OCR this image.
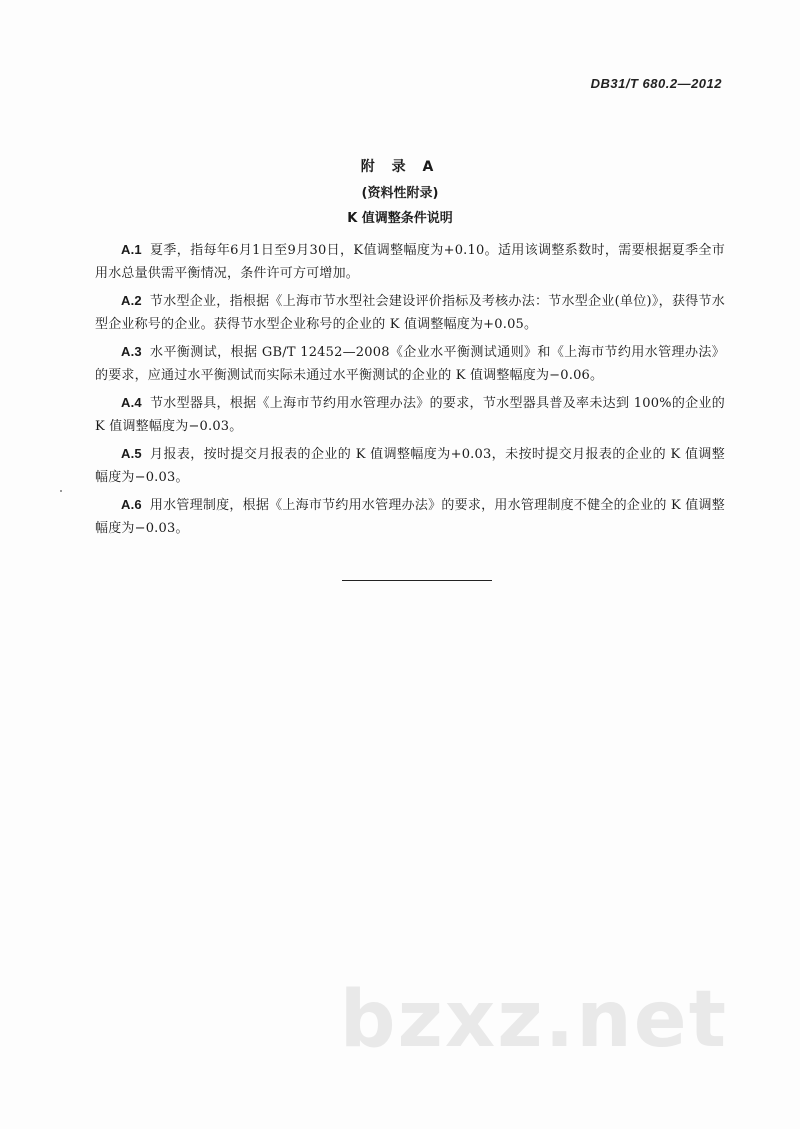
DB31/T 680.2—2012
附 录 A
(资料性附录)
K 值调整条件说明

A.1 夏季，指每年6月1日至9月30日，K值调整幅度为+0.10。适用该调整系数时，需要根据夏季全市用水总量供需平衡情况，条件许可方可增加。

A.2 节水型企业，指根据《上海市节水型社会建设评价指标及考核办法：节水型企业(单位)》，获得节水型企业称号的企业。获得节水型企业称号的企业的 K 值调整幅度为+0.05。

A.3 水平衡测试，根据 GB/T 12452—2008《企业水平衡测试通则》和《上海市节约用水管理办法》的要求，应通过水平衡测试而实际未通过水平衡测试的企业的 K 值调整幅度为−0.06。

A.4 节水型器具，根据《上海市节约用水管理办法》的要求，节水型器具普及率未达到 100%的企业的 K 值调整幅度为−0.03。

A.5 月报表，按时提交月报表的企业的 K 值调整幅度为+0.03，未按时提交月报表的企业的 K 值调整幅度为−0.03。

A.6 用水管理制度，根据《上海市节约用水管理办法》的要求，用水管理制度不健全的企业的 K 值调整幅度为−0.03。

bzxz.net
